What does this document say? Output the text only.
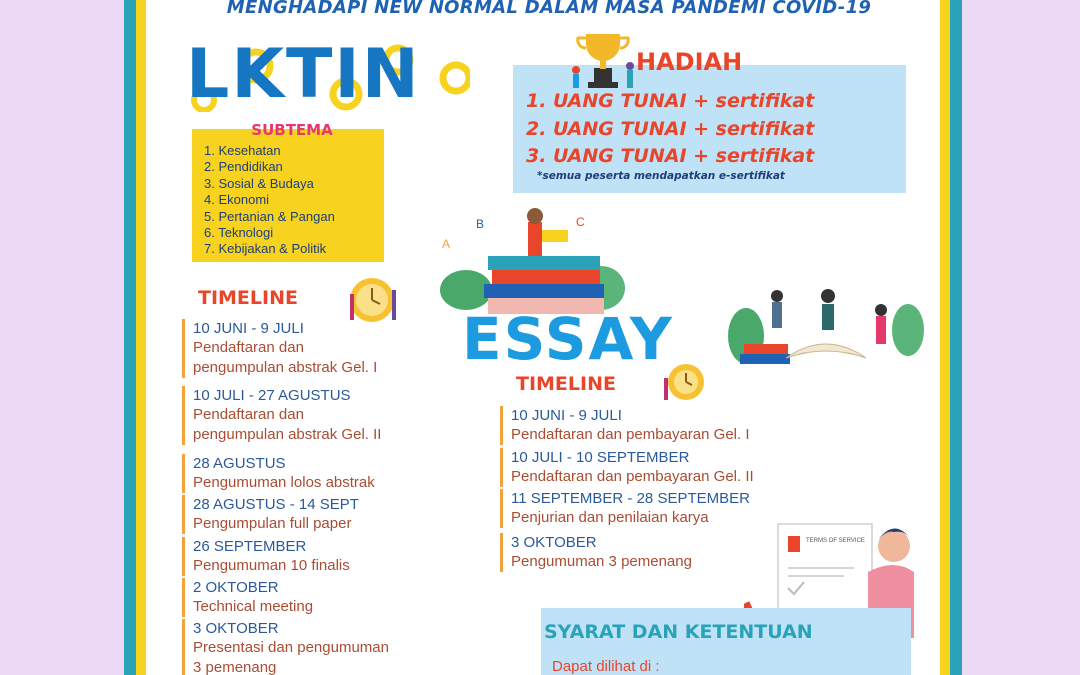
MENGHADAPI NEW NORMAL DALAM MASA PANDEMI COVID-19
LKTIN
1. Kesehatan
2. Pendidikan
3. Sosial & Budaya
4. Ekonomi
5. Pertanian & Pangan
6. Teknologi
7. Kebijakan & Politik
SUBTEMA
HADIAH
1. UANG TUNAI + sertifikat
2. UANG TUNAI + sertifikat
3. UANG TUNAI + sertifikat
*semua peserta mendapatkan e-sertifikat
TIMELINE
10 JUNI - 9 JULI
Pendaftaran dan
pengumpulan abstrak Gel. I
10 JULI - 27 AGUSTUS
Pendaftaran dan
pengumpulan abstrak Gel. II
28 AGUSTUS
Pengumuman lolos abstrak
28 AGUSTUS - 14 SEPT
Pengumpulan full paper
26 SEPTEMBER
Pengumuman 10 finalis
2 OKTOBER
Technical meeting
3 OKTOBER
Presentasi dan pengumuman
3 pemenang
A
B	C
ESSAY
TIMELINE
10 JUNI - 9 JULI
Pendaftaran dan pembayaran Gel. I
10 JULI - 10 SEPTEMBER
Pendaftaran dan pembayaran Gel. II
11 SEPTEMBER - 28 SEPTEMBER
Penjurian dan penilaian karya
3 OKTOBER
Pengumuman 3 pemenang
TERMS OF SERVICE
SYARAT DAN KETENTUAN
Dapat dilihat di :
